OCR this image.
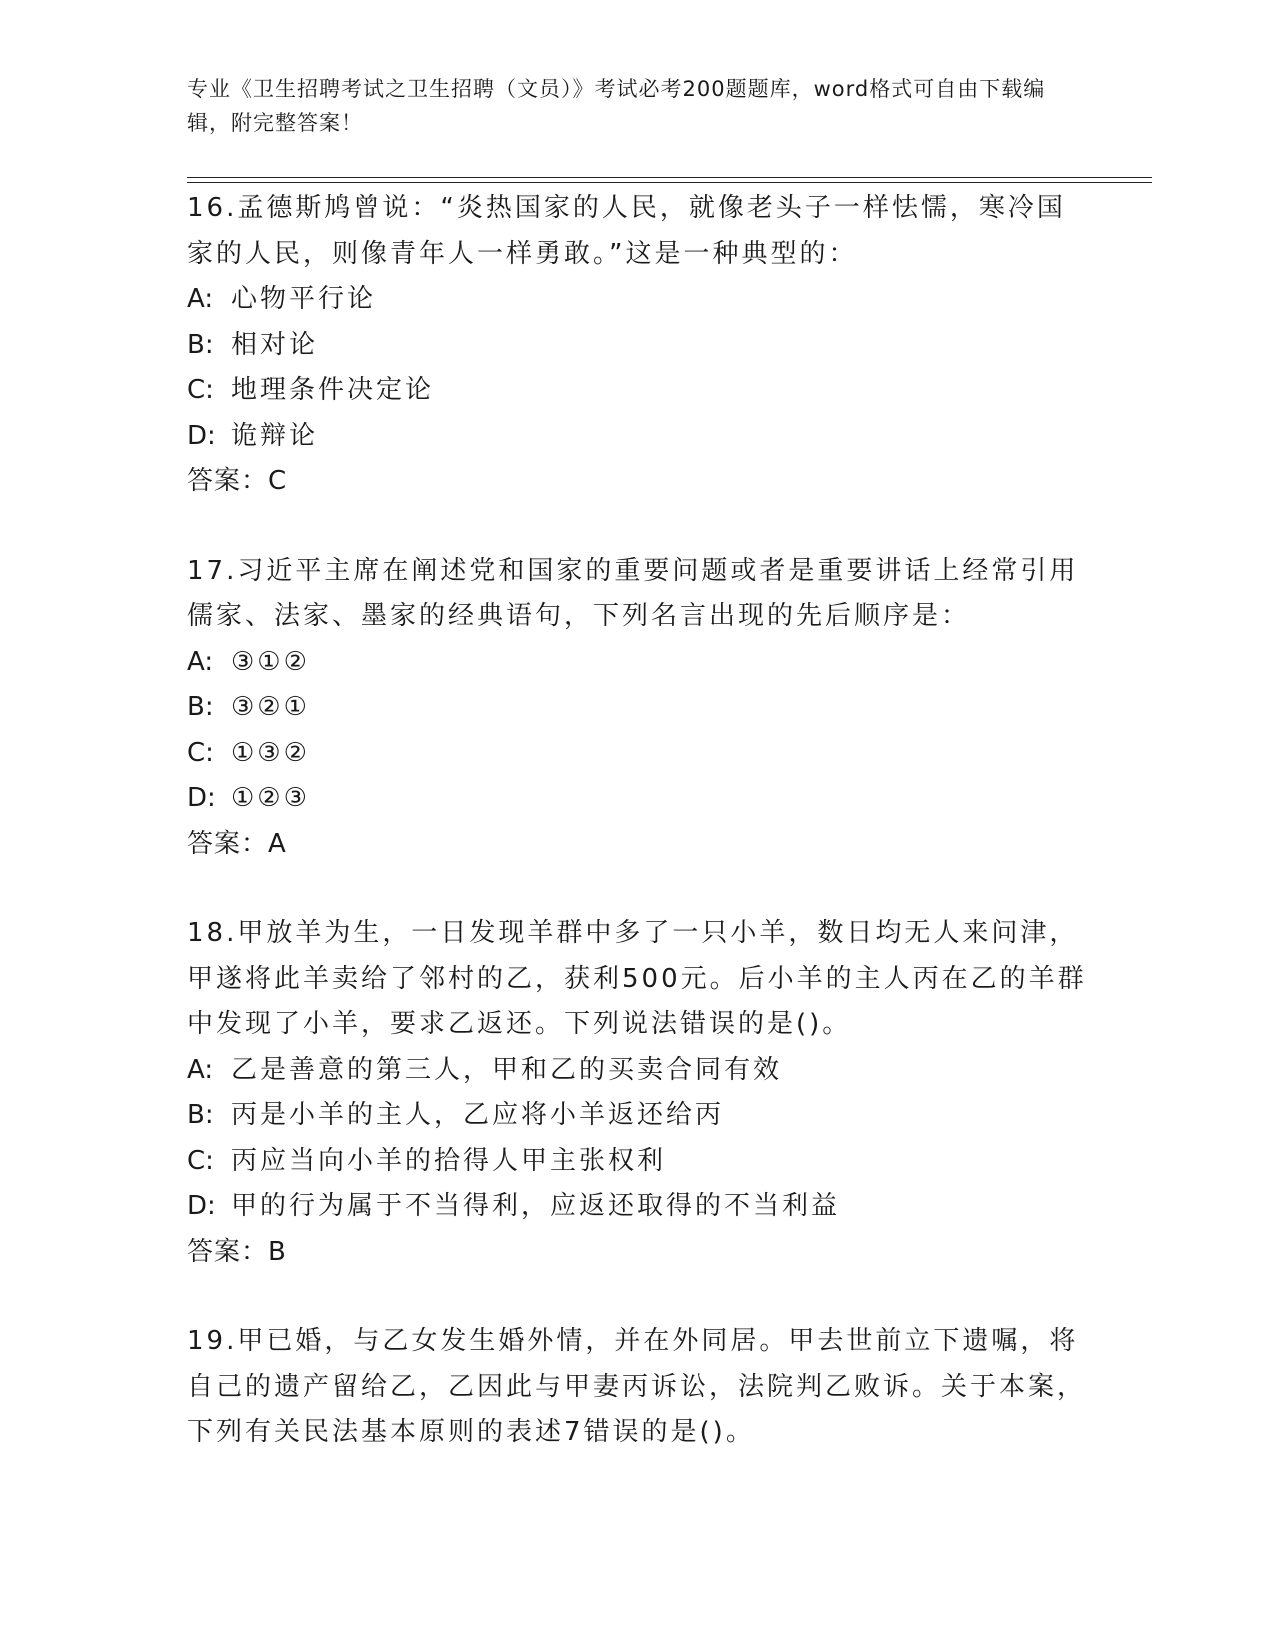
专业《卫生招聘考试之卫生招聘（文员）》考试必考200题题库，word格式可自由下载编辑，附完整答案！

16.孟德斯鸠曾说：“炎热国家的人民，就像老头子一样怯懦，寒冷国家的人民，则像青年人一样勇敢。”这是一种典型的：

A: 心物平行论

B: 相对论

C: 地理条件决定论

D: 诡辩论

答案：C

17.习近平主席在阐述党和国家的重要问题或者是重要讲话上经常引用儒家、法家、墨家的经典语句，下列名言出现的先后顺序是：

A: ③①②

B: ③②①

C: ①③②

D: ①②③

答案：A

18.甲放羊为生，一日发现羊群中多了一只小羊，数日均无人来问津，甲遂将此羊卖给了邻村的乙，获利500元。后小羊的主人丙在乙的羊群中发现了小羊，要求乙返还。下列说法错误的是()。

A: 乙是善意的第三人，甲和乙的买卖合同有效

B: 丙是小羊的主人，乙应将小羊返还给丙

C: 丙应当向小羊的拾得人甲主张权利

D: 甲的行为属于不当得利，应返还取得的不当利益

答案：B

19.甲已婚，与乙女发生婚外情，并在外同居。甲去世前立下遗嘱，将自己的遗产留给乙，乙因此与甲妻丙诉讼，法院判乙败诉。关于本案，下列有关民法基本原则的表述7错误的是()。
